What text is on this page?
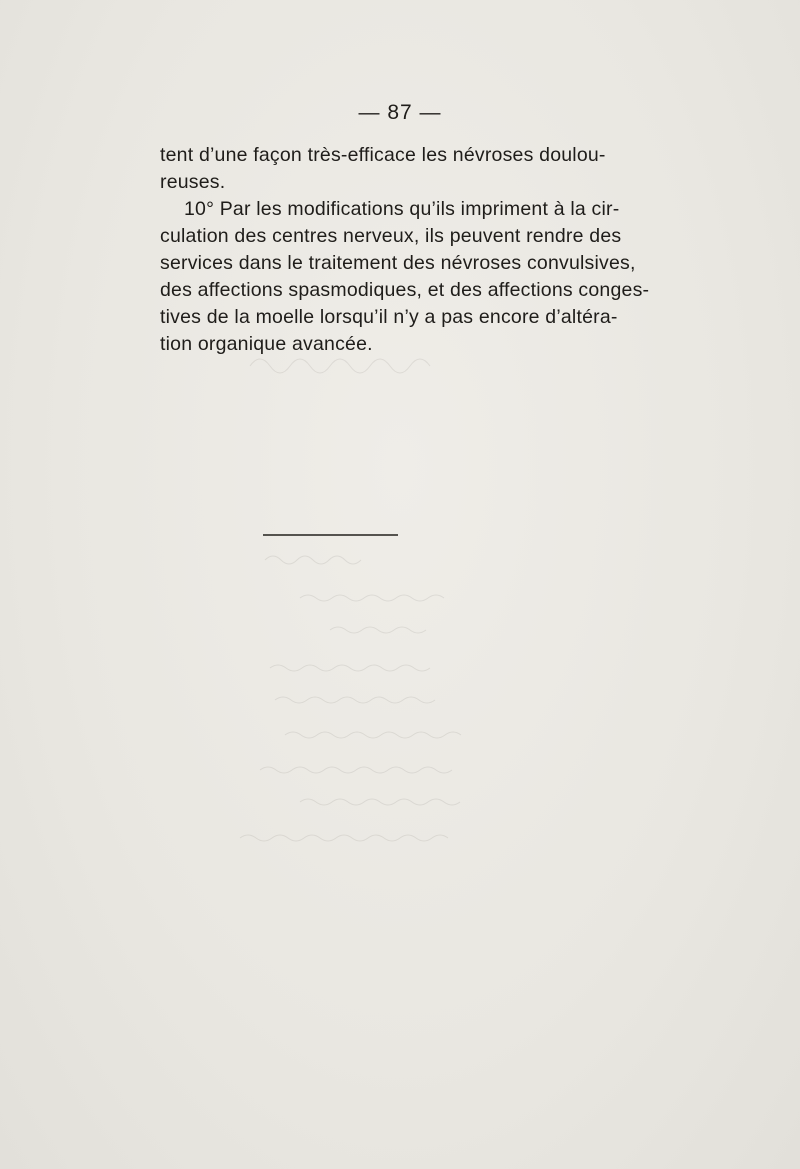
— 87 —

tent d’une façon très-efficace les névroses doulou-
reuses.

10° Par les modifications qu’ils impriment à la cir-
culation des centres nerveux, ils peuvent rendre des
services dans le traitement des névroses convulsives,
des affections spasmodiques, et des affections conges-
tives de la moelle lorsqu’il n’y a pas encore d’altéra-
tion organique avancée.
